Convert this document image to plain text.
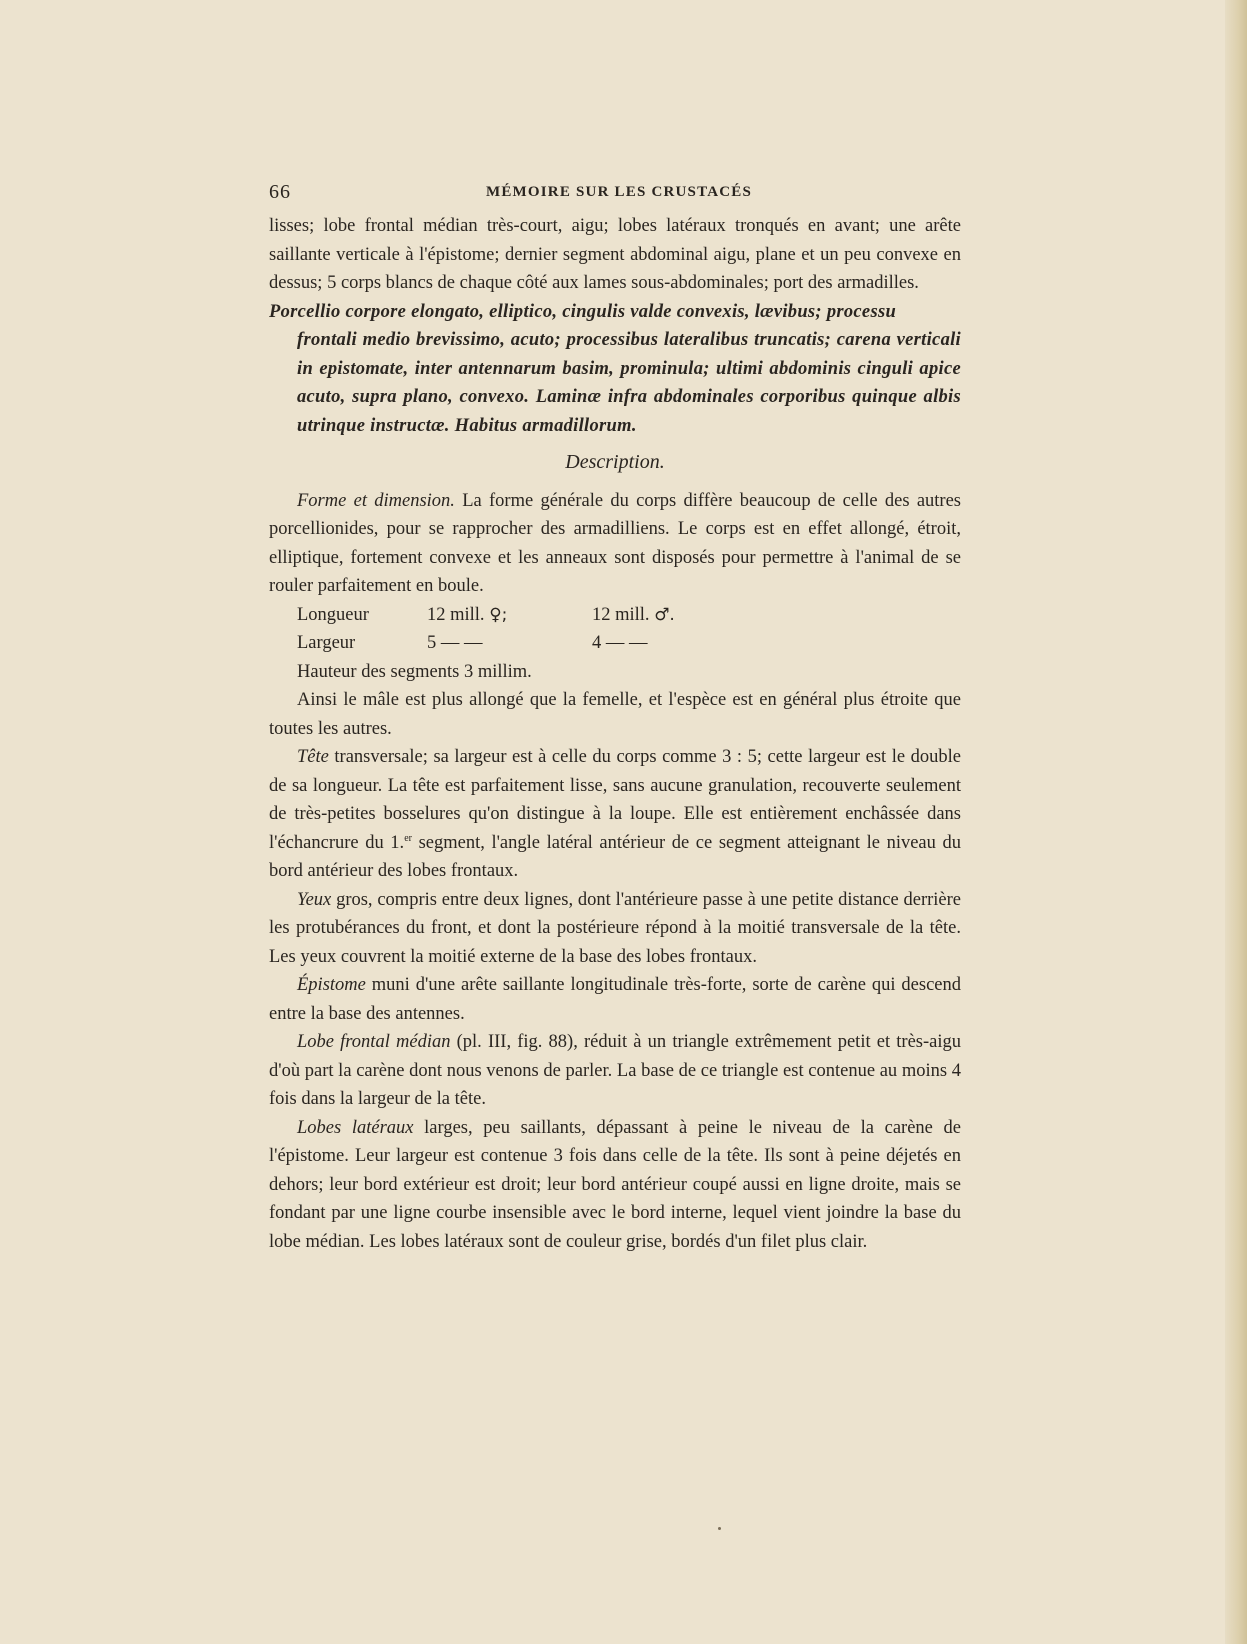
66	MÉMOIRE SUR LES CRUSTACÉS

lisses; lobe frontal médian très-court, aigu; lobes latéraux tronqués en avant; une arête saillante verticale à l'épistome; dernier segment abdominal aigu, plane et un peu convexe en dessus; 5 corps blancs de chaque côté aux lames sous-abdominales; port des armadilles.

Porcellio corpore elongato, elliptico, cingulis valde convexis, lævibus; processu

frontali medio brevissimo, acuto; processibus lateralibus truncatis; carena verticali in epistomate, inter antennarum basim, prominula; ultimi abdominis cinguli apice acuto, supra plano, convexo. Laminæ infra abdominales corporibus quinque albis utrinque instructæ. Habitus armadillorum.

Description.

Forme et dimension. La forme générale du corps diffère beaucoup de celle des autres porcellionides, pour se rapprocher des armadilliens. Le corps est en effet allongé, étroit, elliptique, fortement convexe et les anneaux sont disposés pour permettre à l'animal de se rouler parfaitement en boule.

Longueur	12 mill. ♀;	12 mill. ♂.
Largeur	5 — —	4 — —

Hauteur des segments 3 millim.

Ainsi le mâle est plus allongé que la femelle, et l'espèce est en général plus étroite que toutes les autres.

Tête transversale; sa largeur est à celle du corps comme 3 : 5; cette largeur est le double de sa longueur. La tête est parfaitement lisse, sans aucune granulation, recouverte seulement de très-petites bosselures qu'on distingue à la loupe. Elle est entièrement enchâssée dans l'échancrure du 1.$^{er}$ segment, l'angle latéral antérieur de ce segment atteignant le niveau du bord antérieur des lobes frontaux.

Yeux gros, compris entre deux lignes, dont l'antérieure passe à une petite distance derrière les protubérances du front, et dont la postérieure répond à la moitié transversale de la tête. Les yeux couvrent la moitié externe de la base des lobes frontaux.

Épistome muni d'une arête saillante longitudinale très-forte, sorte de carène qui descend entre la base des antennes.

Lobe frontal médian (pl. III, fig. 88), réduit à un triangle extrêmement petit et très-aigu d'où part la carène dont nous venons de parler. La base de ce triangle est contenue au moins 4 fois dans la largeur de la tête.

Lobes latéraux larges, peu saillants, dépassant à peine le niveau de la carène de l'épistome. Leur largeur est contenue 3 fois dans celle de la tête. Ils sont à peine déjetés en dehors; leur bord extérieur est droit; leur bord antérieur coupé aussi en ligne droite, mais se fondant par une ligne courbe insensible avec le bord interne, lequel vient joindre la base du lobe médian. Les lobes latéraux sont de couleur grise, bordés d'un filet plus clair.
